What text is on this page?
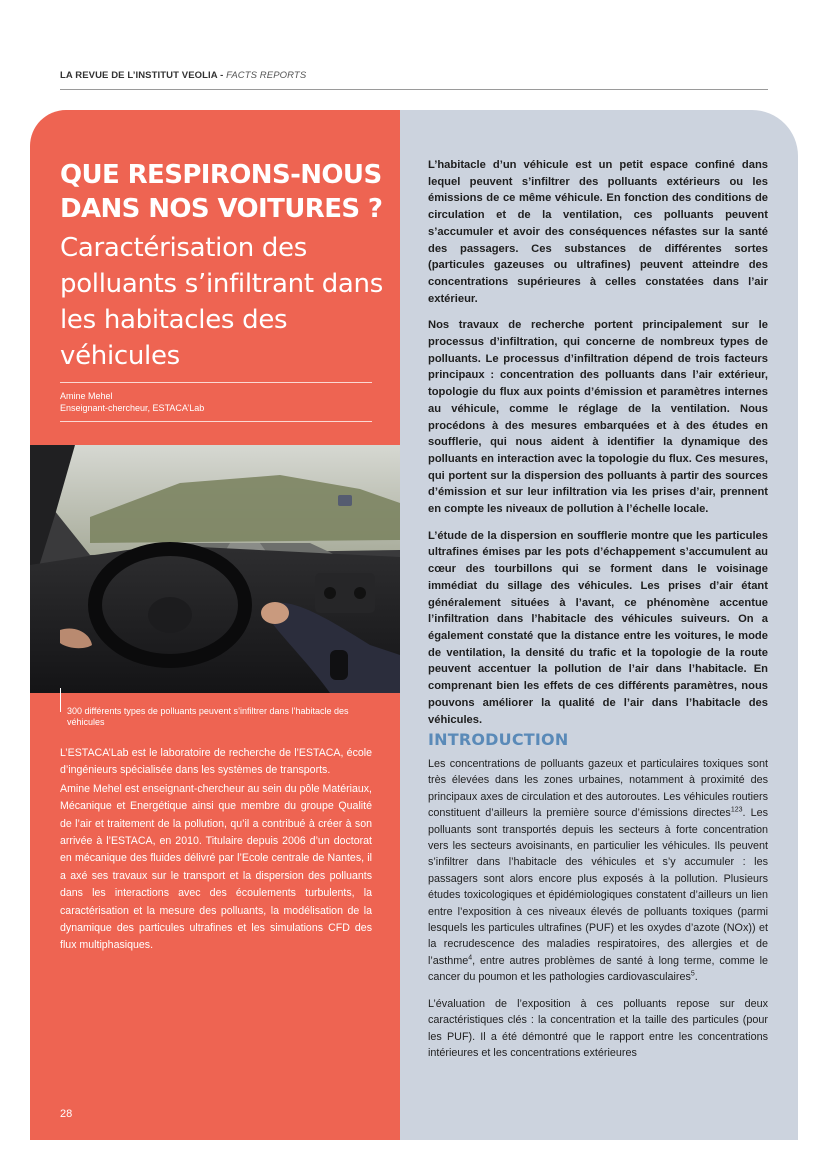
LA REVUE DE L’INSTITUT VEOLIA - FACTS REPORTS
QUE RESPIRONS-NOUS DANS NOS VOITURES ?
Caractérisation des polluants s’infiltrant dans les habitacles des véhicules
Amine Mehel
Enseignant-chercheur, ESTACA’Lab
300 différents types de polluants peuvent s’infiltrer dans l’habitacle des véhicules

L’ESTACA’Lab est le laboratoire de recherche de l’ESTACA, école d’ingénieurs spécialisée dans les systèmes de transports.

Amine Mehel est enseignant-chercheur au sein du pôle Matériaux, Mécanique et Energétique ainsi que membre du groupe Qualité de l’air et traitement de la pollution, qu’il a contribué à créer à son arrivée à l’ESTACA, en 2010. Titulaire depuis 2006 d’un doctorat en mécanique des fluides délivré par l’Ecole centrale de Nantes, il a axé ses travaux sur le transport et la dispersion des polluants dans les interactions avec des écoulements turbulents, la caractérisation et la mesure des polluants, la modélisation de la dynamique des particules ultrafines et les simulations CFD des flux multiphasiques.

28

L’habitacle d’un véhicule est un petit espace confiné dans lequel peuvent s’infiltrer des polluants extérieurs ou les émissions de ce même véhicule. En fonction des conditions de circulation et de la ventilation, ces polluants peuvent s’accumuler et avoir des conséquences néfastes sur la santé des passagers. Ces substances de différentes sortes (particules gazeuses ou ultrafines) peuvent atteindre des concentrations supérieures à celles constatées dans l’air extérieur.

Nos travaux de recherche portent principalement sur le processus d’infiltration, qui concerne de nombreux types de polluants. Le processus d’infiltration dépend de trois facteurs principaux : concentration des polluants dans l’air extérieur, topologie du flux aux points d’émission et paramètres internes au véhicule, comme le réglage de la ventilation. Nous procédons à des mesures embarquées et à des études en soufflerie, qui nous aident à identifier la dynamique des polluants en interaction avec la topologie du flux. Ces mesures, qui portent sur la dispersion des polluants à partir des sources d’émission et sur leur infiltration via les prises d’air, prennent en compte les niveaux de pollution à l’échelle locale.

L’étude de la dispersion en soufflerie montre que les particules ultrafines émises par les pots d’échappement s’accumulent au cœur des tourbillons qui se forment dans le voisinage immédiat du sillage des véhicules. Les prises d’air étant généralement situées à l’avant, ce phénomène accentue l’infiltration dans l’habitacle des véhicules suiveurs. On a également constaté que la distance entre les voitures, le mode de ventilation, la densité du trafic et la topologie de la route peuvent accentuer la pollution de l’air dans l’habitacle. En comprenant bien les effets de ces différents paramètres, nous pouvons améliorer la qualité de l’air dans l’habitacle des véhicules.

INTRODUCTION

Les concentrations de polluants gazeux et particulaires toxiques sont très élevées dans les zones urbaines, notamment à proximité des principaux axes de circulation et des autoroutes. Les véhicules routiers constituent d’ailleurs la première source d’émissions directes$^{123}$. Les polluants sont transportés depuis les secteurs à forte concentration vers les secteurs avoisinants, en particulier les véhicules. Ils peuvent s’infiltrer dans l’habitacle des véhicules et s’y accumuler : les passagers sont alors encore plus exposés à la pollution. Plusieurs études toxicologiques et épidémiologiques constatent d’ailleurs un lien entre l’exposition à ces niveaux élevés de polluants toxiques (parmi lesquels les particules ultrafines (PUF) et les oxydes d’azote (NOx)) et la recrudescence des maladies respiratoires, des allergies et de l’asthme$^4$, entre autres problèmes de santé à long terme, comme le cancer du poumon et les pathologies cardiovasculaires$^5$.

L’évaluation de l’exposition à ces polluants repose sur deux caractéristiques clés : la concentration et la taille des particules (pour les PUF). Il a été démontré que le rapport entre les concentrations intérieures et les concentrations extérieures
